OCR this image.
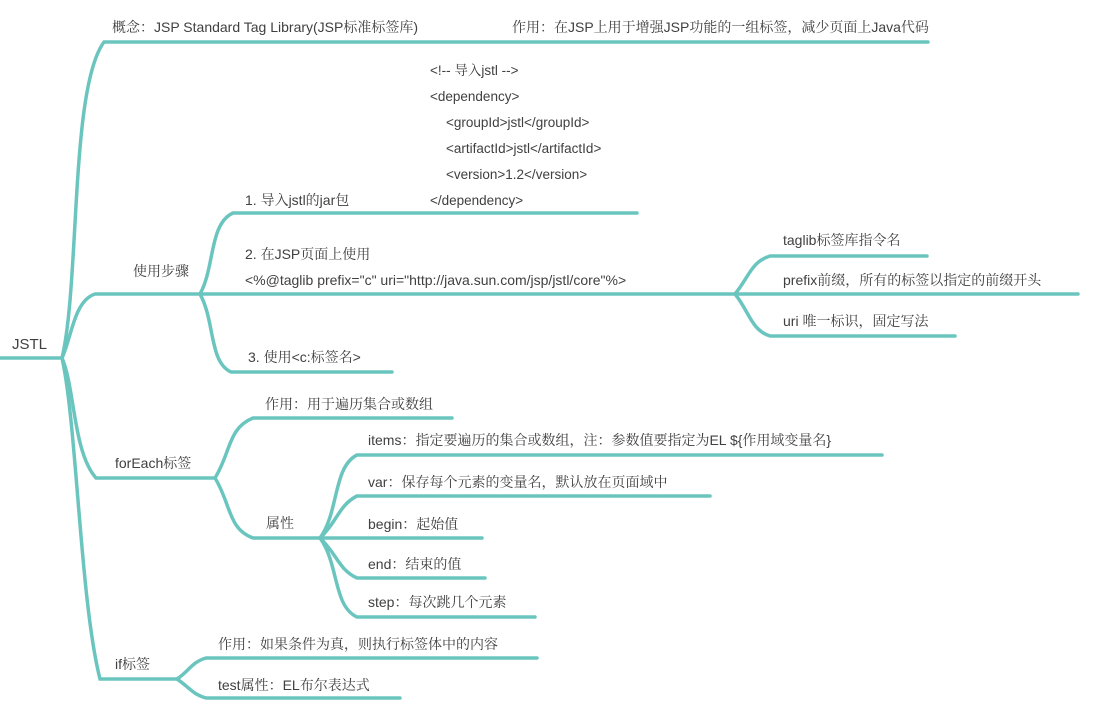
JSTL
概念：JSP Standard Tag Library(JSP标准标签库)	作用：在JSP上用于增强JSP功能的一组标签，减少页面上Java代码
<!-- 导入jstl -->
<dependency>
<groupId>jstl</groupId>
<artifactId>jstl</artifactId>
<version>1.2</version>
</dependency>
1. 导入jstl的jar包
使用步骤
2. 在JSP页面上使用
<%@taglib prefix="c" uri="http://java.sun.com/jsp/jstl/core"%>
taglib标签库指令名
prefix前缀，所有的标签以指定的前缀开头
uri 唯一标识，固定写法
3. 使用<c:标签名>
forEach标签
作用：用于遍历集合或数组
属性
items：指定要遍历的集合或数组，注：参数值要指定为EL ${作用域变量名}
var：保存每个元素的变量名，默认放在页面域中
begin：起始值
end：结束的值
step：每次跳几个元素
if标签
作用：如果条件为真，则执行标签体中的内容
test属性：EL布尔表达式
